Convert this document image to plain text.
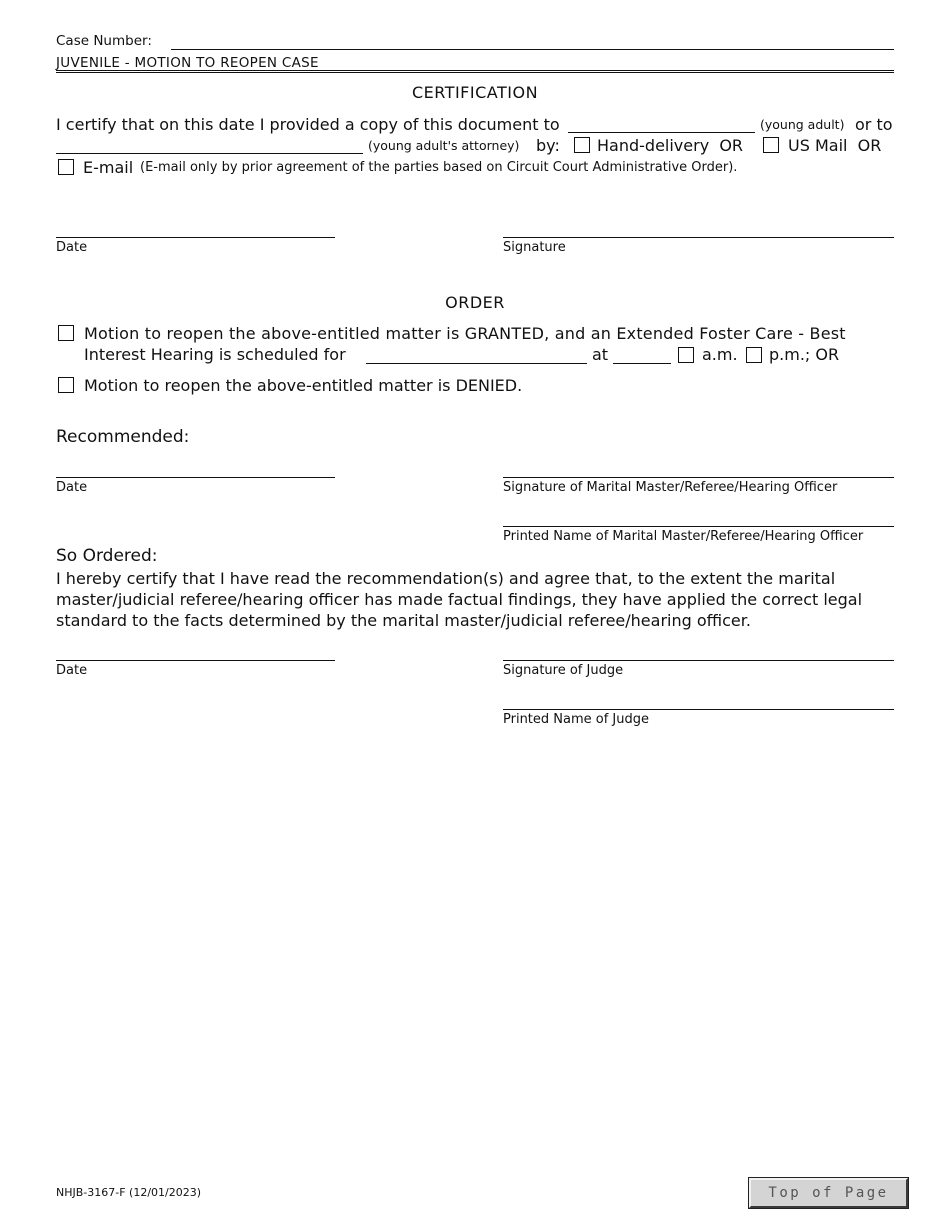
Case Number:
JUVENILE - MOTION TO REOPEN CASE
CERTIFICATION
I certify that on this date I provided a copy of this document to	(young adult) or to
(young adult's attorney) by: Hand-delivery  OR	US Mail  OR
E-mail (E-mail only by prior agreement of the parties based on Circuit Court Administrative Order).
Date	Signature
ORDER
Motion to reopen the above-entitled matter is GRANTED, and an Extended Foster Care - Best
Interest Hearing is scheduled for	at	a.m. p.m.; OR
Motion to reopen the above-entitled matter is DENIED.
Recommended:
Date	Signature of Marital Master/Referee/Hearing Officer
Printed Name of Marital Master/Referee/Hearing Officer
So Ordered:
I hereby certify that I have read the recommendation(s) and agree that, to the extent the marital
master/judicial referee/hearing officer has made factual findings, they have applied the correct legal
standard to the facts determined by the marital master/judicial referee/hearing officer.
Date	Signature of Judge
Printed Name of Judge
NHJB-3167-F (12/01/2023)	Top of Page
